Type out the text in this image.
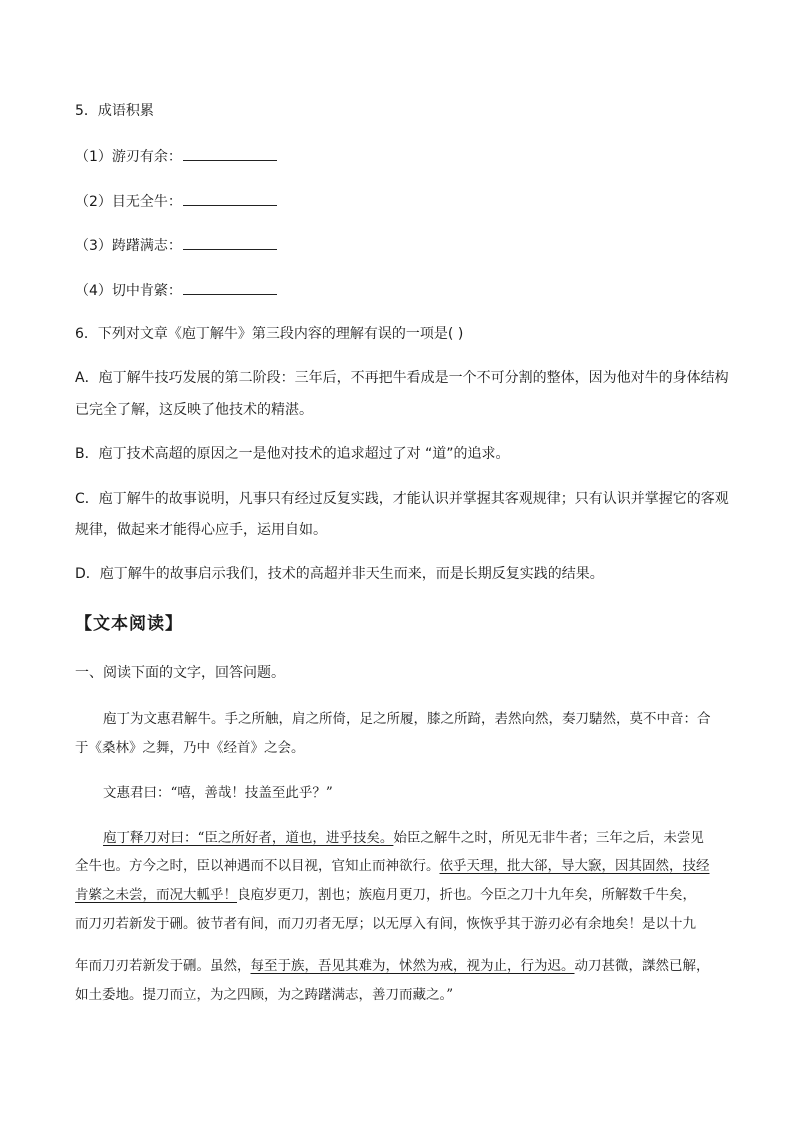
5．成语积累
（1）游刃有余：
（2）目无全牛：
（3）踌躇满志：
（4）切中肯綮：
6．下列对文章《庖丁解牛》第三段内容的理解有误的一项是( )
A．庖丁解牛技巧发展的第二阶段：三年后，不再把牛看成是一个不可分割的整体，因为他对牛的身体结构
已完全了解，这反映了他技术的精湛。
B．庖丁技术高超的原因之一是他对技术的追求超过了对 “道”的追求。
C．庖丁解牛的故事说明，凡事只有经过反复实践，才能认识并掌握其客观规律；只有认识并掌握它的客观
规律，做起来才能得心应手，运用自如。
D．庖丁解牛的故事启示我们，技术的高超并非天生而来，而是长期反复实践的结果。
【文本阅读】
一、阅读下面的文字，回答问题。
庖丁为文惠君解牛。手之所触，肩之所倚，足之所履，膝之所踦，砉然向然，奏刀騞然，莫不中音：合
于《桑林》之舞，乃中《经首》之会。
文惠君曰：“嘻，善哉！技盖至此乎？”
庖丁释刀对曰：“臣之所好者，道也，进乎技矣。始臣之解牛之时，所见无非牛者；三年之后，未尝见
全牛也。方今之时，臣以神遇而不以目视，官知止而神欲行。依乎天理，批大郤，导大窾，因其固然，技经
肯綮之未尝，而况大軱乎！良庖岁更刀，割也；族庖月更刀，折也。今臣之刀十九年矣，所解数千牛矣，
而刀刃若新发于硎。彼节者有间，而刀刃者无厚；以无厚入有间，恢恢乎其于游刃必有余地矣！是以十九
年而刀刃若新发于硎。虽然，每至于族，吾见其难为，怵然为戒，视为止，行为迟。动刀甚微，謋然已解，
如土委地。提刀而立，为之四顾，为之踌躇满志，善刀而藏之。”
